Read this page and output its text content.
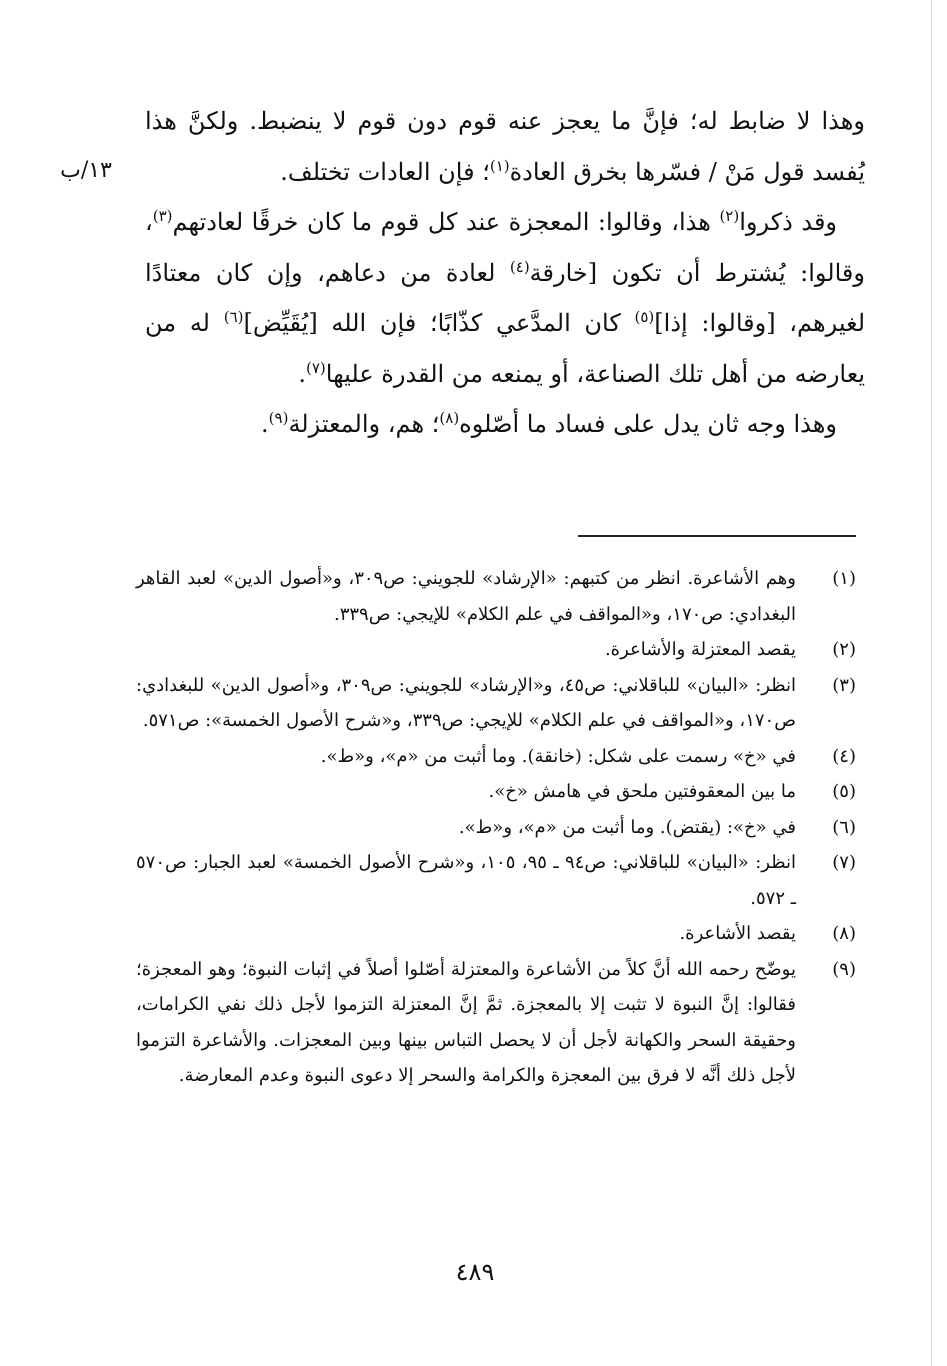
وهذا لا ضابط له؛ فإنَّ ما يعجز عنه قوم دون قوم لا ينضبط. ولكنَّ هذا يُفسد قول مَنْ / فسّرها بخرق العادة$^{(١)}$؛ فإن العادات تختلف.

وقد ذكروا$^{(٢)}$ هذا، وقالوا: المعجزة عند كل قوم ما كان خرقًا لعادتهم$^{(٣)}$، وقالوا: يُشترط أن تكون [خارقة$^{(٤)}$ لعادة من دعاهم، وإن كان معتادًا لغيرهم، [وقالوا: إذا]$^{(٥)}$ كان المدَّعي كذّابًا؛ فإن الله [يُقَيِّض]$^{(٦)}$ له من يعارضه من أهل تلك الصناعة، أو يمنعه من القدرة عليها$^{(٧)}$.

وهذا وجه ثان يدل على فساد ما أصّلوه$^{(٨)}$؛ هم، والمعتزلة$^{(٩)}$.

١٣/ب
(١)
وهم الأشاعرة. انظر من كتبهم: «الإرشاد» للجويني: ص٣٠٩، و«أصول الدين» لعبد القاهر البغدادي: ص١٧٠، و«المواقف في علم الكلام» للإيجي: ص٣٣٩.
(٢)
يقصد المعتزلة والأشاعرة.
(٣)
انظر: «البيان» للباقلاني: ص٤٥، و«الإرشاد» للجويني: ص٣٠٩، و«أصول الدين» للبغدادي: ص١٧٠، و«المواقف في علم الكلام» للإيجي: ص٣٣٩، و«شرح الأصول الخمسة»: ص٥٧١.
(٤)
في «خ» رسمت على شكل: (خانقة). وما أثبت من «م»، و«ط».
(٥)
ما بين المعقوفتين ملحق في هامش «خ».
(٦)
في «خ»: (يقتض). وما أثبت من «م»، و«ط».
(٧)
انظر: «البيان» للباقلاني: ص٩٤ ـ ٩٥، ١٠٥، و«شرح الأصول الخمسة» لعبد الجبار: ص٥٧٠ ـ ٥٧٢.
(٨)
يقصد الأشاعرة.
(٩)
يوضّح رحمه الله أنَّ كلاً من الأشاعرة والمعتزلة أصّلوا أصلاً في إثبات النبوة؛ وهو المعجزة؛ فقالوا: إنَّ النبوة لا تثبت إلا بالمعجزة. ثمَّ إنَّ المعتزلة التزموا لأجل ذلك نفي الكرامات، وحقيقة السحر والكهانة لأجل أن لا يحصل التباس بينها وبين المعجزات. والأشاعرة التزموا لأجل ذلك أنَّه لا فرق بين المعجزة والكرامة والسحر إلا دعوى النبوة وعدم المعارضة.
٤٨٩
